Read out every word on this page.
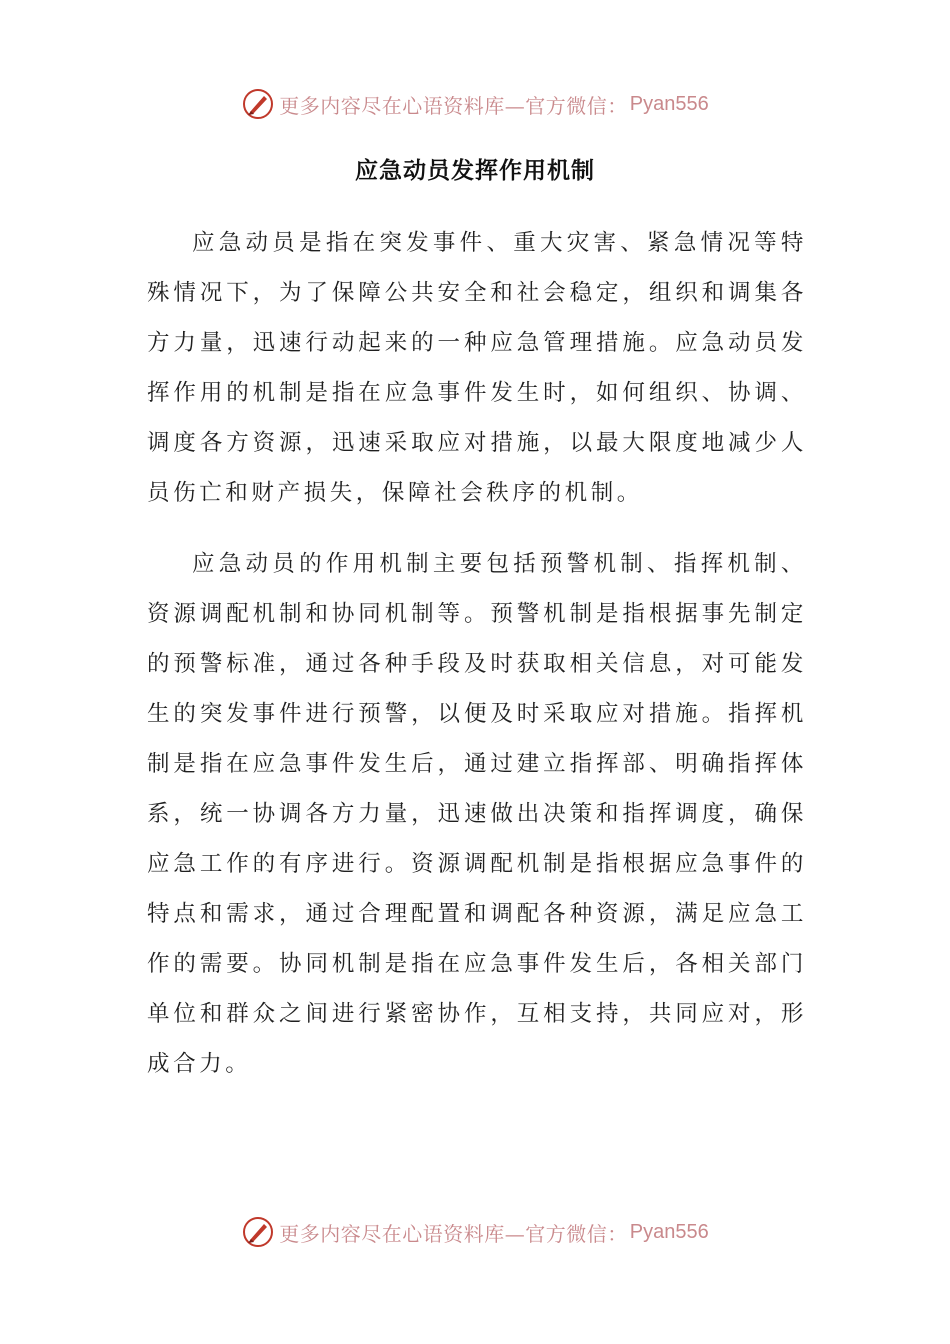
更多内容尽在心语资料库—官方微信： Pyan556
应急动员发挥作用机制

应急动员是指在突发事件、重大灾害、紧急情况等特殊情况下，为了保障公共安全和社会稳定，组织和调集各方力量，迅速行动起来的一种应急管理措施。应急动员发挥作用的机制是指在应急事件发生时，如何组织、协调、调度各方资源，迅速采取应对措施，以最大限度地减少人员伤亡和财产损失，保障社会秩序的机制。

应急动员的作用机制主要包括预警机制、指挥机制、资源调配机制和协同机制等。预警机制是指根据事先制定的预警标准，通过各种手段及时获取相关信息，对可能发生的突发事件进行预警，以便及时采取应对措施。指挥机制是指在应急事件发生后，通过建立指挥部、明确指挥体系，统一协调各方力量，迅速做出决策和指挥调度，确保应急工作的有序进行。资源调配机制是指根据应急事件的特点和需求，通过合理配置和调配各种资源，满足应急工作的需要。协同机制是指在应急事件发生后，各相关部门单位和群众之间进行紧密协作，互相支持，共同应对，形成合力。

更多内容尽在心语资料库—官方微信： Pyan556
